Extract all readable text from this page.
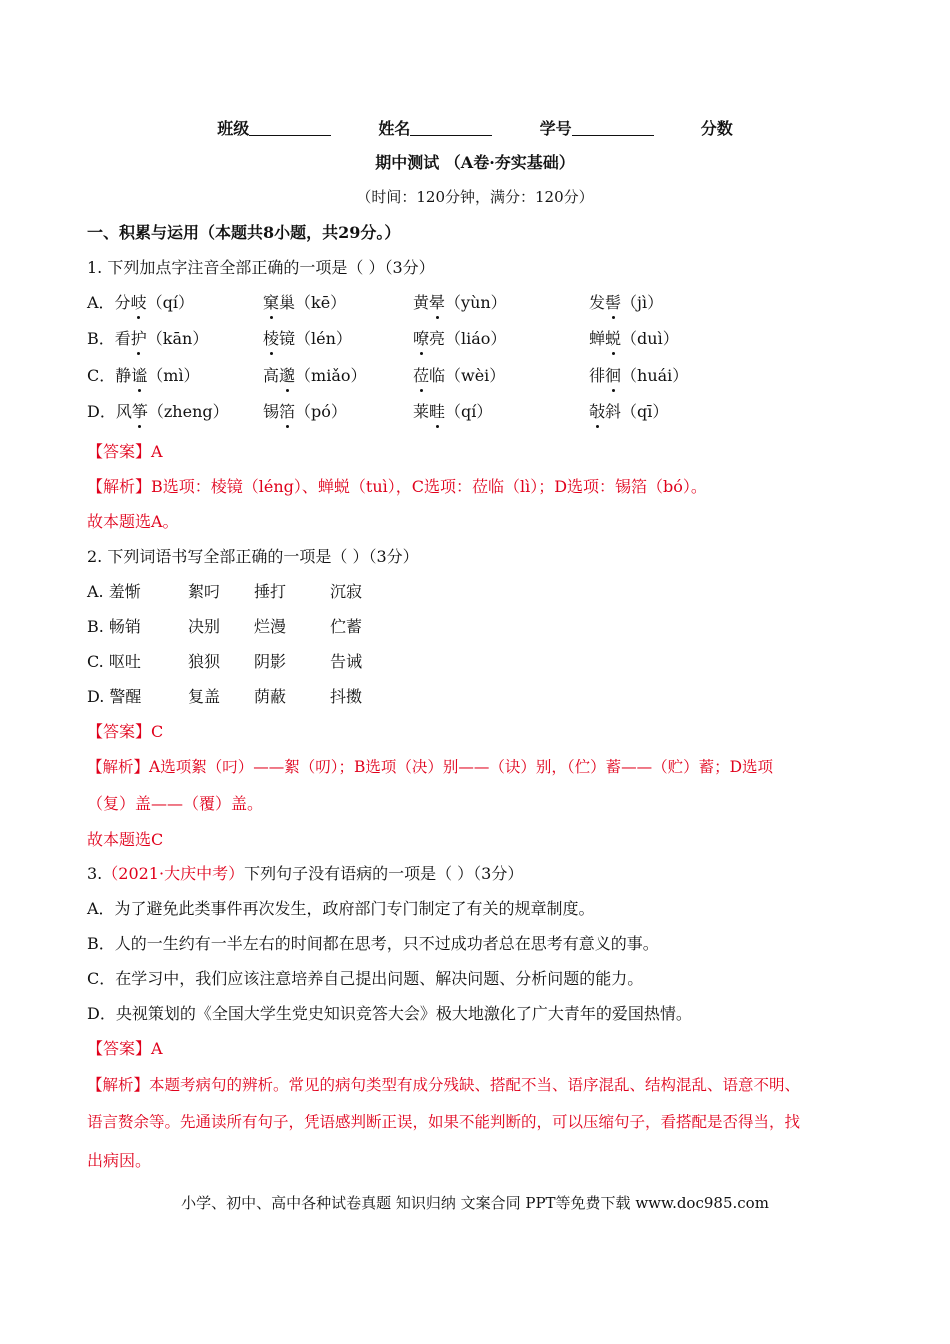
班级	姓名	学号	分数
期中测试 （A卷·夯实基础）
（时间：120分钟，满分：120分）
一、积累与运用（本题共8小题，共29分。）
1. 下列加点字注音全部正确的一项是（ ）（3分）
A．分岐（qí）	窠巢（kē）	黄晕（yùn）	发髻（jì）
B．看护（kān）	棱镜（lén）	嘹亮（liáo）	蝉蜕（duì）
C．静谧（mì）	高邈（miǎo）	莅临（wèi）	徘徊（huái）
D．风筝（zheng） 锡箔（pó）	莱畦（qí）	敧斜（qī）
【答案】A
【解析】B选项：棱镜（léng）、蝉蜕（tuì），C选项：莅临（lì）；D选项：锡箔（bó）。
故本题选A。
2. 下列词语书写全部正确的一项是（ ）（3分）
A. 羞惭	絮叼 捶打	沉寂
B. 畅销	决别 烂漫	伫蓄
C. 呕吐	狼狈 阴影	告诫
D. 警醒	复盖 荫蔽	抖擞
【答案】C
【解析】A选项絮（叼）——絮（叨）；B选项（决）别——（诀）别，（伫）蓄——（贮）蓄；D选项
（复）盖——（覆）盖。
故本题选C
3.（2021·大庆中考）下列句子没有语病的一项是（ ）（3分）
A．为了避免此类事件再次发生，政府部门专门制定了有关的规章制度。
B．人的一生约有一半左右的时间都在思考，只不过成功者总在思考有意义的事。
C．在学习中，我们应该注意培养自己提出问题、解决问题、分析问题的能力。
D．央视策划的《全国大学生党史知识竞答大会》极大地激化了广大青年的爱国热情。
【答案】A
【解析】本题考病句的辨析。常见的病句类型有成分残缺、搭配不当、语序混乱、结构混乱、语意不明、
语言赘余等。先通读所有句子，凭语感判断正误，如果不能判断的，可以压缩句子，看搭配是否得当，找
出病因。
小学、初中、高中各种试卷真题 知识归纳 文案合同 PPT等免费下载 www.doc985.com
